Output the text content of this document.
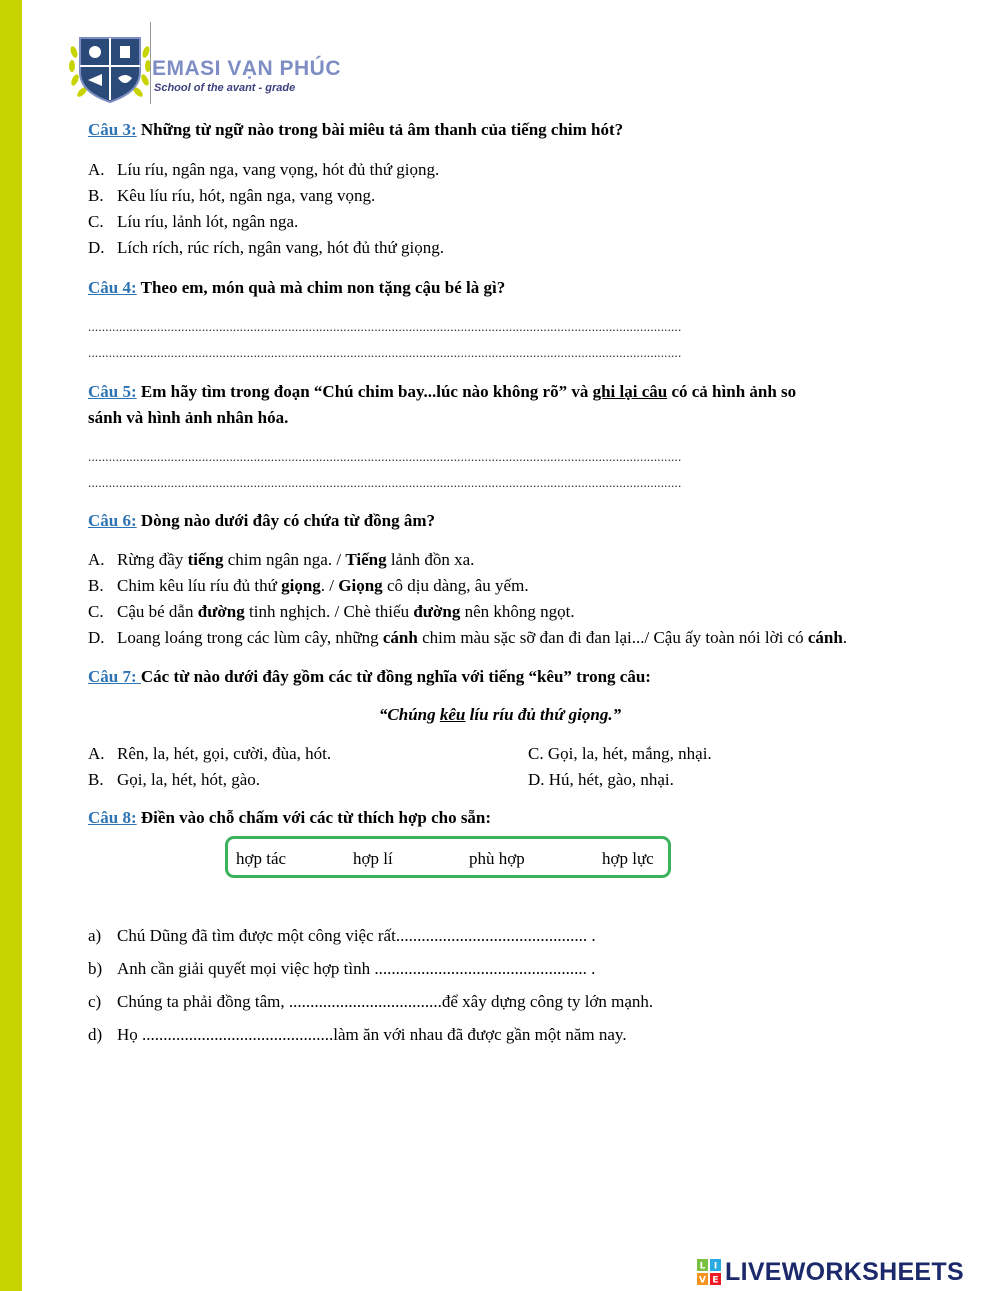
EMASI VẠN PHÚC
School of the avant - grade
Câu 3: Những từ ngữ nào trong bài miêu tả âm thanh của tiếng chim hót?
A. Líu ríu, ngân nga, vang vọng, hót đủ thứ giọng.
B. Kêu líu ríu, hót, ngân nga, vang vọng.
C. Líu ríu, lảnh lót, ngân nga.
D. Lích rích, rúc rích, ngân vang, hót đủ thứ giọng.
Câu 4: Theo em, món quà mà chim non tặng cậu bé là gì?
............................................................................................................................................................................
............................................................................................................................................................................
Câu 5: Em hãy tìm trong đoạn “Chú chim bay...lúc nào không rõ” và ghi lại câu có cả hình ảnh so
sánh và hình ảnh nhân hóa.
............................................................................................................................................................................
............................................................................................................................................................................
Câu 6: Dòng nào dưới đây có chứa từ đồng âm?
A. Rừng đầy tiếng chim ngân nga. / Tiếng lảnh đồn xa.
B. Chim kêu líu ríu đủ thứ giọng. / Giọng cô dịu dàng, âu yếm.
C. Cậu bé dẫn đường tinh nghịch. / Chè thiếu đường nên không ngọt.
D. Loang loáng trong các lùm cây, những cánh chim màu sặc sỡ đan đi đan lại.../ Cậu ấy toàn nói lời có cánh.
Câu 7: Các từ nào dưới đây gồm các từ đồng nghĩa với tiếng “kêu” trong câu:
“Chúng kêu líu ríu đủ thứ giọng.”
A. Rên, la, hét, gọi, cười, đùa, hót.
B. Gọi, la, hét, hót, gào.
C. Gọi, la, hét, mắng, nhại.
D. Hú, hét, gào, nhại.
Câu 8: Điền vào chỗ chấm với các từ thích hợp cho sẵn:
hợp tác	hợp lí	phù hợp	hợp lực
a) Chú Dũng đã tìm được một công việc rất............................................. .
b) Anh cần giải quyết mọi việc hợp tình .................................................. .
c) Chúng ta phải đồng tâm, ....................................để xây dựng công ty lớn mạnh.
d) Họ .............................................làm ăn với nhau đã được gần một năm nay.
L I
V E LIVEWORKSHEETS
